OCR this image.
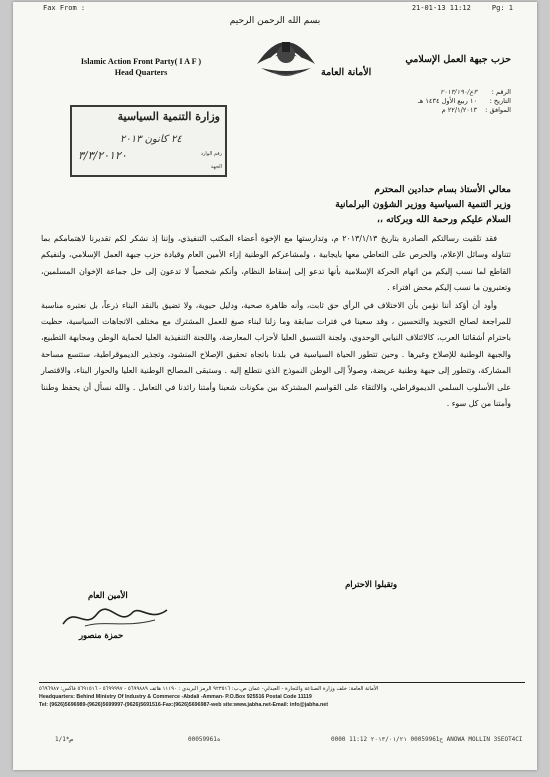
Fax From :	21-01-13 11:12	Pg: 1
بسم الله الرحمن الرحيم
Islamic Action Front Party( I A F )
Head Quarters
حزب جبهة العمل الإسلامي
الأمانة العامة
الرقم :٣ع/٢٠١٣/١٩٠
التاريخ :١٠ ربيع الأول ١٤٣٤ هـ
الموافق :٢٢/١/٢٠١٣ م
وزارة التنمية السياسية
٢٤ كانون ٢٠١٣
رقم الوارد
٣/٣/٢٠١٢٠
الجهة
معالي الأستاذ بسام حدادين المحترم
وزير التنمية السياسية ووزير الشؤون البرلمانية
السلام عليكم ورحمة الله وبركاته ،،

فقد تلقيت رسالتكم الصادرة بتاريخ ٢٠١٣/١/١٣ م، وتدارستها مع الإخوة أعضاء المكتب التنفيذي، وإننا إذ نشكر لكم تقديرنا لاهتمامكم بما تتناوله وسائل الإعلام، والحرص على التعاطي معها بايجابية ، ولمشاعركم الوطنية إزاء الأمين العام وقيادة حزب جبهة العمل الإسلامي، ولنفيكم القاطع لما نسب إليكم من اتهام الحركة الإسلامية بأنها تدعو إلى إسقاط النظام، وأنكم شخصياً لا تدعون إلى حل جماعة الإخوان المسلمين، وتعتبرون ما نسب إليكم محض افتراء .

وأود أن أؤكد أننا نؤمن بأن الاختلاف في الرأي حق ثابت، وأنه ظاهرة صحية، ودليل حيوية، ولا تضيق بالنقد البناء ذرعاً، بل نعتبره مناسبة للمراجعة لصالح التجويد والتحسين ، وقد سعينا في فترات سابقة وما زلنا لبناء صيغ للعمل المشترك مع مختلف الاتجاهات السياسية، حظيت باحترام أشقائنا العرب، كالائتلاف النيابي الوحدوي، ولجنة التنسيق العليا لأحزاب المعارضة، واللجنة التنفيذية العليا لحماية الوطن ومجابهة التطبيع، والجبهة الوطنية للإصلاح وغيرها . وحين تتطور الحياة السياسية في بلدنا باتجاه تحقيق الإصلاح المنشود، وتجذير الديموقراطية، ستتسع مساحة المشاركة، وتتطور إلى جبهة وطنية عريضة، وصولاً إلى الوطن النموذج الذي نتطلع إليه . وستبقى المصالح الوطنية العليا والحوار البناء، والاقتصار على الأسلوب السلمي الديموقراطي، والالتقاء على القواسم المشتركة بين مكونات شعبنا وأمتنا رائدنا في التعامل . والله نسأل أن يحفظ وطننا وأمتنا من كل سوء .

وتقبلوا الاحترام
الأمين العام
حمزة منصور
الأمانة العامة: خلف وزارة الصناعة والتجارة - العبدلي- عمان ص.ب: ٩٢٣٥١٦ الرمز البريدي : ١١١٩٠ هاتف ٥٦٩٩٨٨٩ - ٥٦٩٩٩٩٧ - ٥٦٩١٥١٦ فاكس: ٥٦٩٦٩٨٧
Headquarters: Behind Ministry Of Industry & Commerce -Abdali -Amman- P.O.Box 925516 Postal Code 11119
Tel: (9626)5696989-(9626)5699997-(9626)5691516-Fax:(9626)5696987-web site:www.jabha.net-Email: info@jabha.net
1/1*ص	00059961ه	ح00059961 ٢٠١٣/٠١/٢١ 11:12 0000 ANOWA MOLLIN 3SEOT4CI
